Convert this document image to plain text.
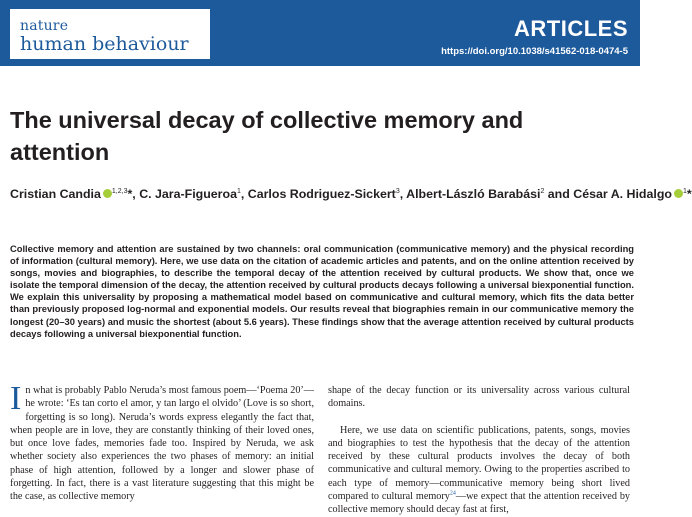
nature
human behaviour
ARTICLES
https://doi.org/10.1038/s41562-018-0474-5
The universal decay of collective memory and attention
Cristian Candia $^{1,2,3}$*, C. Jara-Figueroa$^1$, Carlos Rodriguez-Sickert$^3$, Albert-László Barabási$^2$ and César A. Hidalgo $^1$*

Collective memory and attention are sustained by two channels: oral communication (communicative memory) and the physical recording of information (cultural memory). Here, we use data on the citation of academic articles and patents, and on the online attention received by songs, movies and biographies, to describe the temporal decay of the attention received by cultural products. We show that, once we isolate the temporal dimension of the decay, the attention received by cultural products decays following a universal biexponential function. We explain this universality by proposing a mathematical model based on communicative and cultural memory, which fits the data better than previously proposed log-normal and exponential models. Our results reveal that biographies remain in our communicative memory the longest (20–30 years) and music the shortest (about 5.6 years). These findings show that the average attention received by cultural products decays following a universal biexponential function.

In what is probably Pablo Neruda’s most famous poem—‘Poema 20’—he wrote: ‘Es tan corto el amor, y tan largo el olvido’ (Love is so short, forgetting is so long). Neruda’s words express elegantly the fact that, when people are in love, they are constantly thinking of their loved ones, but once love fades, memories fade too. Inspired by Neruda, we ask whether society also experiences the two phases of memory: an initial phase of high attention, followed by a longer and slower phase of forgetting. In fact, there is a vast literature suggesting that this might be the case, as collective memory

shape of the decay function or its universality across various cultural domains.

Here, we use data on scientific publications, patents, songs, movies and biographies to test the hypothesis that the decay of the attention received by these cultural products involves the decay of both communicative and cultural memory. Owing to the properties ascribed to each type of memory—communicative memory being short lived compared to cultural memory$^{24}$—we expect that the attention received by collective memory should decay fast at first,
